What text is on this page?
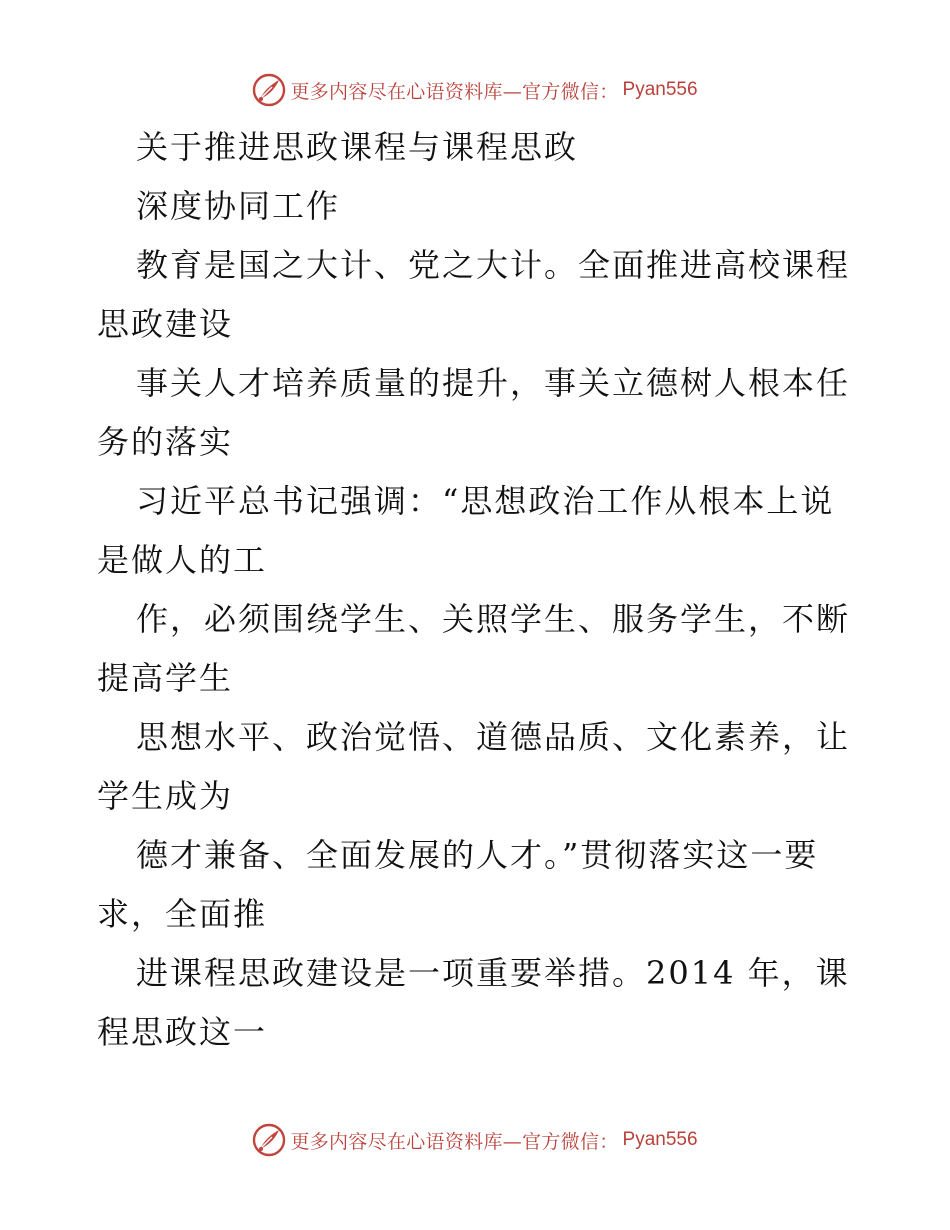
更多内容尽在心语资料库—官方微信： Pyan556
关于推进思政课程与课程思政
深度协同工作
教育是国之大计、党之大计。全面推进高校课程
思政建设
事关人才培养质量的提升，事关立德树人根本任
务的落实
习近平总书记强调：“思想政治工作从根本上说
是做人的工
作，必须围绕学生、关照学生、服务学生，不断
提高学生
思想水平、政治觉悟、道德品质、文化素养，让
学生成为
德才兼备、全面发展的人才。”贯彻落实这一要
求，全面推
进课程思政建设是一项重要举措。2014 年，课
程思政这一
更多内容尽在心语资料库—官方微信： Pyan556
